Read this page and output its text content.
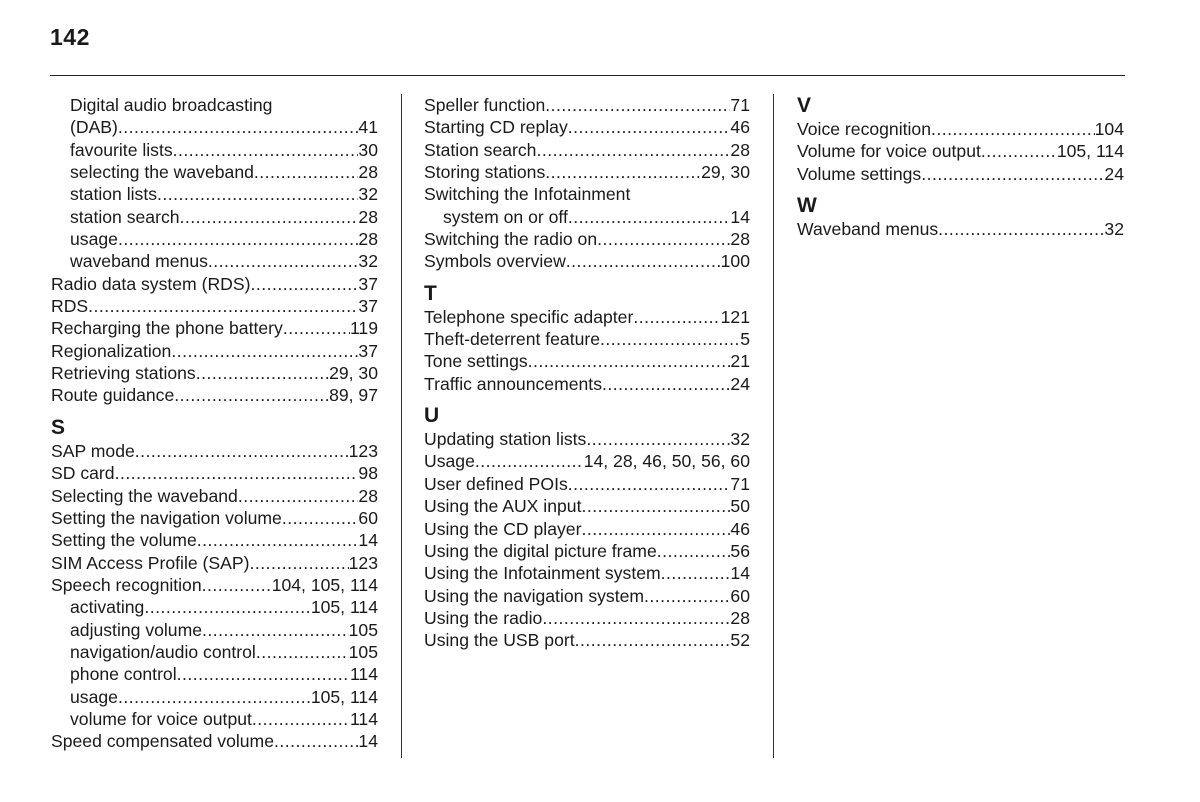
142
Digital audio broadcasting
(DAB) . . .	41
favourite lists . . .	30
selecting the waveband . . .	28
station lists . . .	32
station search . . .	28
usage . . .	28
waveband menus . . .	32
Radio data system (RDS) . . .	37
RDS . . .	37
Recharging the phone battery . . .	119
Regionalization . . .	37
Retrieving stations . . .	29, 30
Route guidance . . .	89, 97
S
SAP mode . . .	123
SD card . . .	98
Selecting the waveband . . .	28
Setting the navigation volume . . .	60
Setting the volume . . .	14
SIM Access Profile (SAP) . . .	123
Speech recognition . . .	104, 105, 114
activating . . .	105, 114
adjusting volume . . .	105
navigation/audio control . . .	105
phone control . . .	114
usage . . .	105, 114
volume for voice output . . .	114
Speed compensated volume . . .	14
Speller function . . .	71
Starting CD replay . . .	46
Station search . . .	28
Storing stations . . .	29, 30
Switching the Infotainment
system on or off . . .	14
Switching the radio on . . .	28
Symbols overview . . .	100
T
Telephone specific adapter . . .	121
Theft-deterrent feature . . .	5
Tone settings . . .	21
Traffic announcements . . .	24
U
Updating station lists . . .	32
Usage . . .	14, 28, 46, 50, 56, 60
User defined POIs . . .	71
Using the AUX input . . .	50
Using the CD player . . .	46
Using the digital picture frame . . .	56
Using the Infotainment system . . .	14
Using the navigation system . . .	60
Using the radio . . .	28
Using the USB port . . .	52
V
Voice recognition . . .	104
Volume for voice output . . .	105, 114
Volume settings . . .	24
W
Waveband menus . . .	32
